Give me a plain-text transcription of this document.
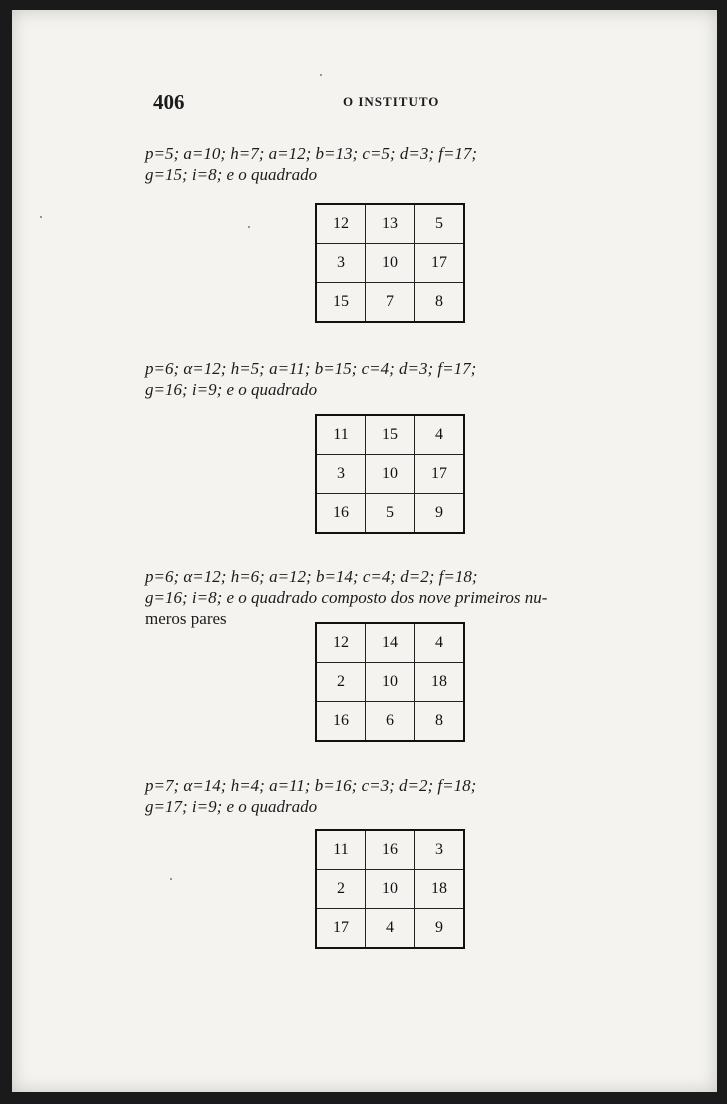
406	O INSTITUTO
p=5; a=10; h=7; a=12; b=13; c=5; d=3; f=17;
g=15; i=8; e o quadrado
12	13	5
3	10	17
15	7	8
p=6; α=12; h=5; a=11; b=15; c=4; d=3; f=17;
g=16; i=9; e o quadrado
11	15	4
3	10	17
16	5	9
p=6; α=12; h=6; a=12; b=14; c=4; d=2; f=18;
g=16; i=8; e o quadrado composto dos nove primeiros nu-
meros pares
12	14	4
2	10	18
16	6	8
p=7; α=14; h=4; a=11; b=16; c=3; d=2; f=18;
g=17; i=9; e o quadrado
11	16	3
2	10	18
17	4	9
